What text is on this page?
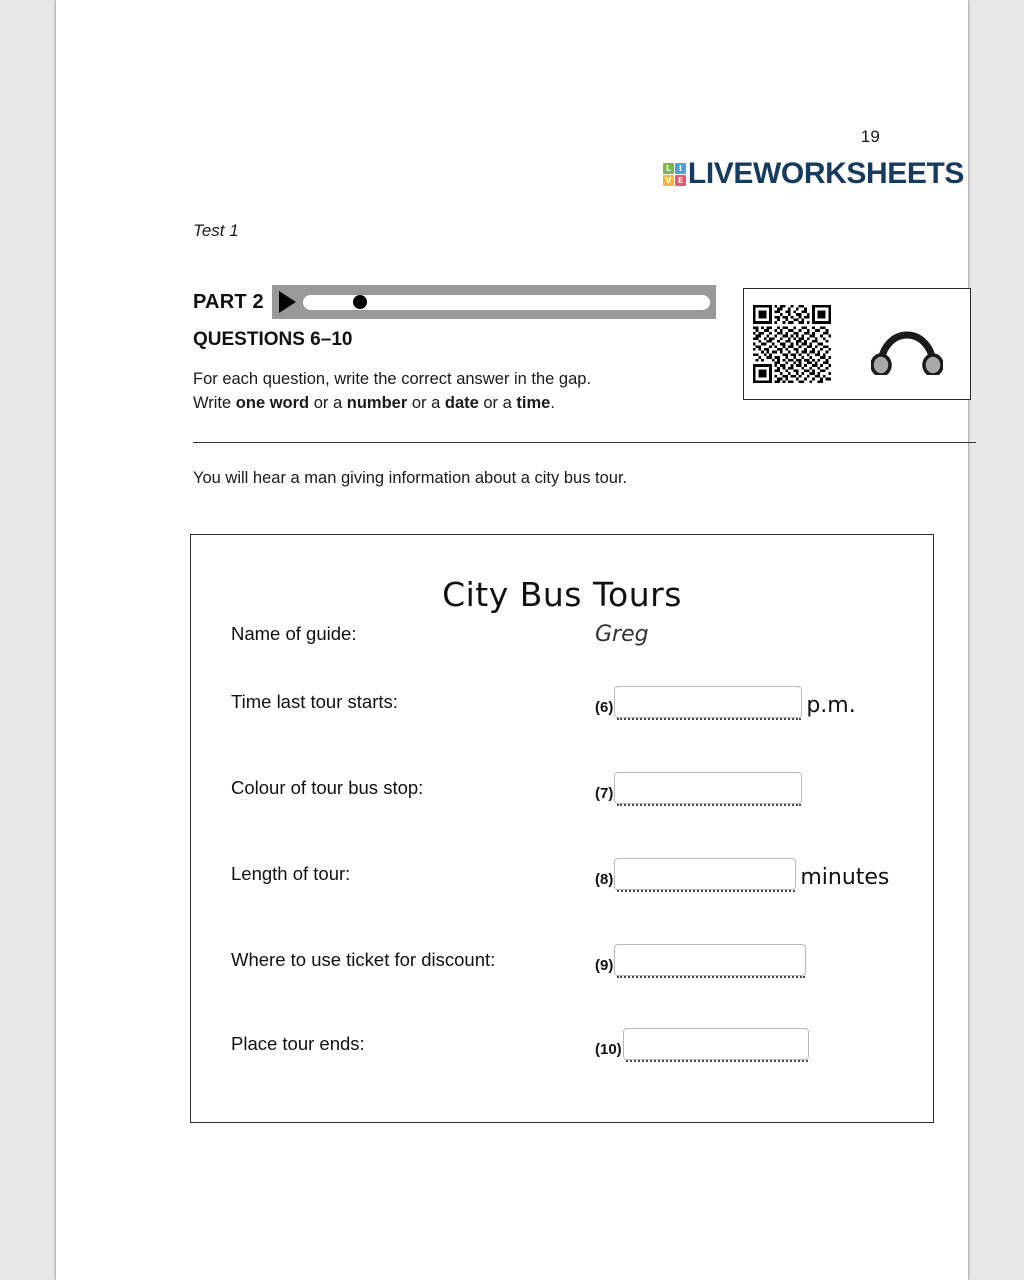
19
L	I
V E LIVEWORKSHEETS
Test 1
PART 2
QUESTIONS 6–10
For each question, write the correct answer in the gap.
Write one word or a number or a date or a time.
You will hear a man giving information about a city bus tour.
City Bus Tours
Name of guide:	Greg
Time last tour starts:	(6)	p.m.
Colour of tour bus stop:	(7)
Length of tour:	(8)	minutes
Where to use ticket for discount:	(9)
Place tour ends:	(10)
